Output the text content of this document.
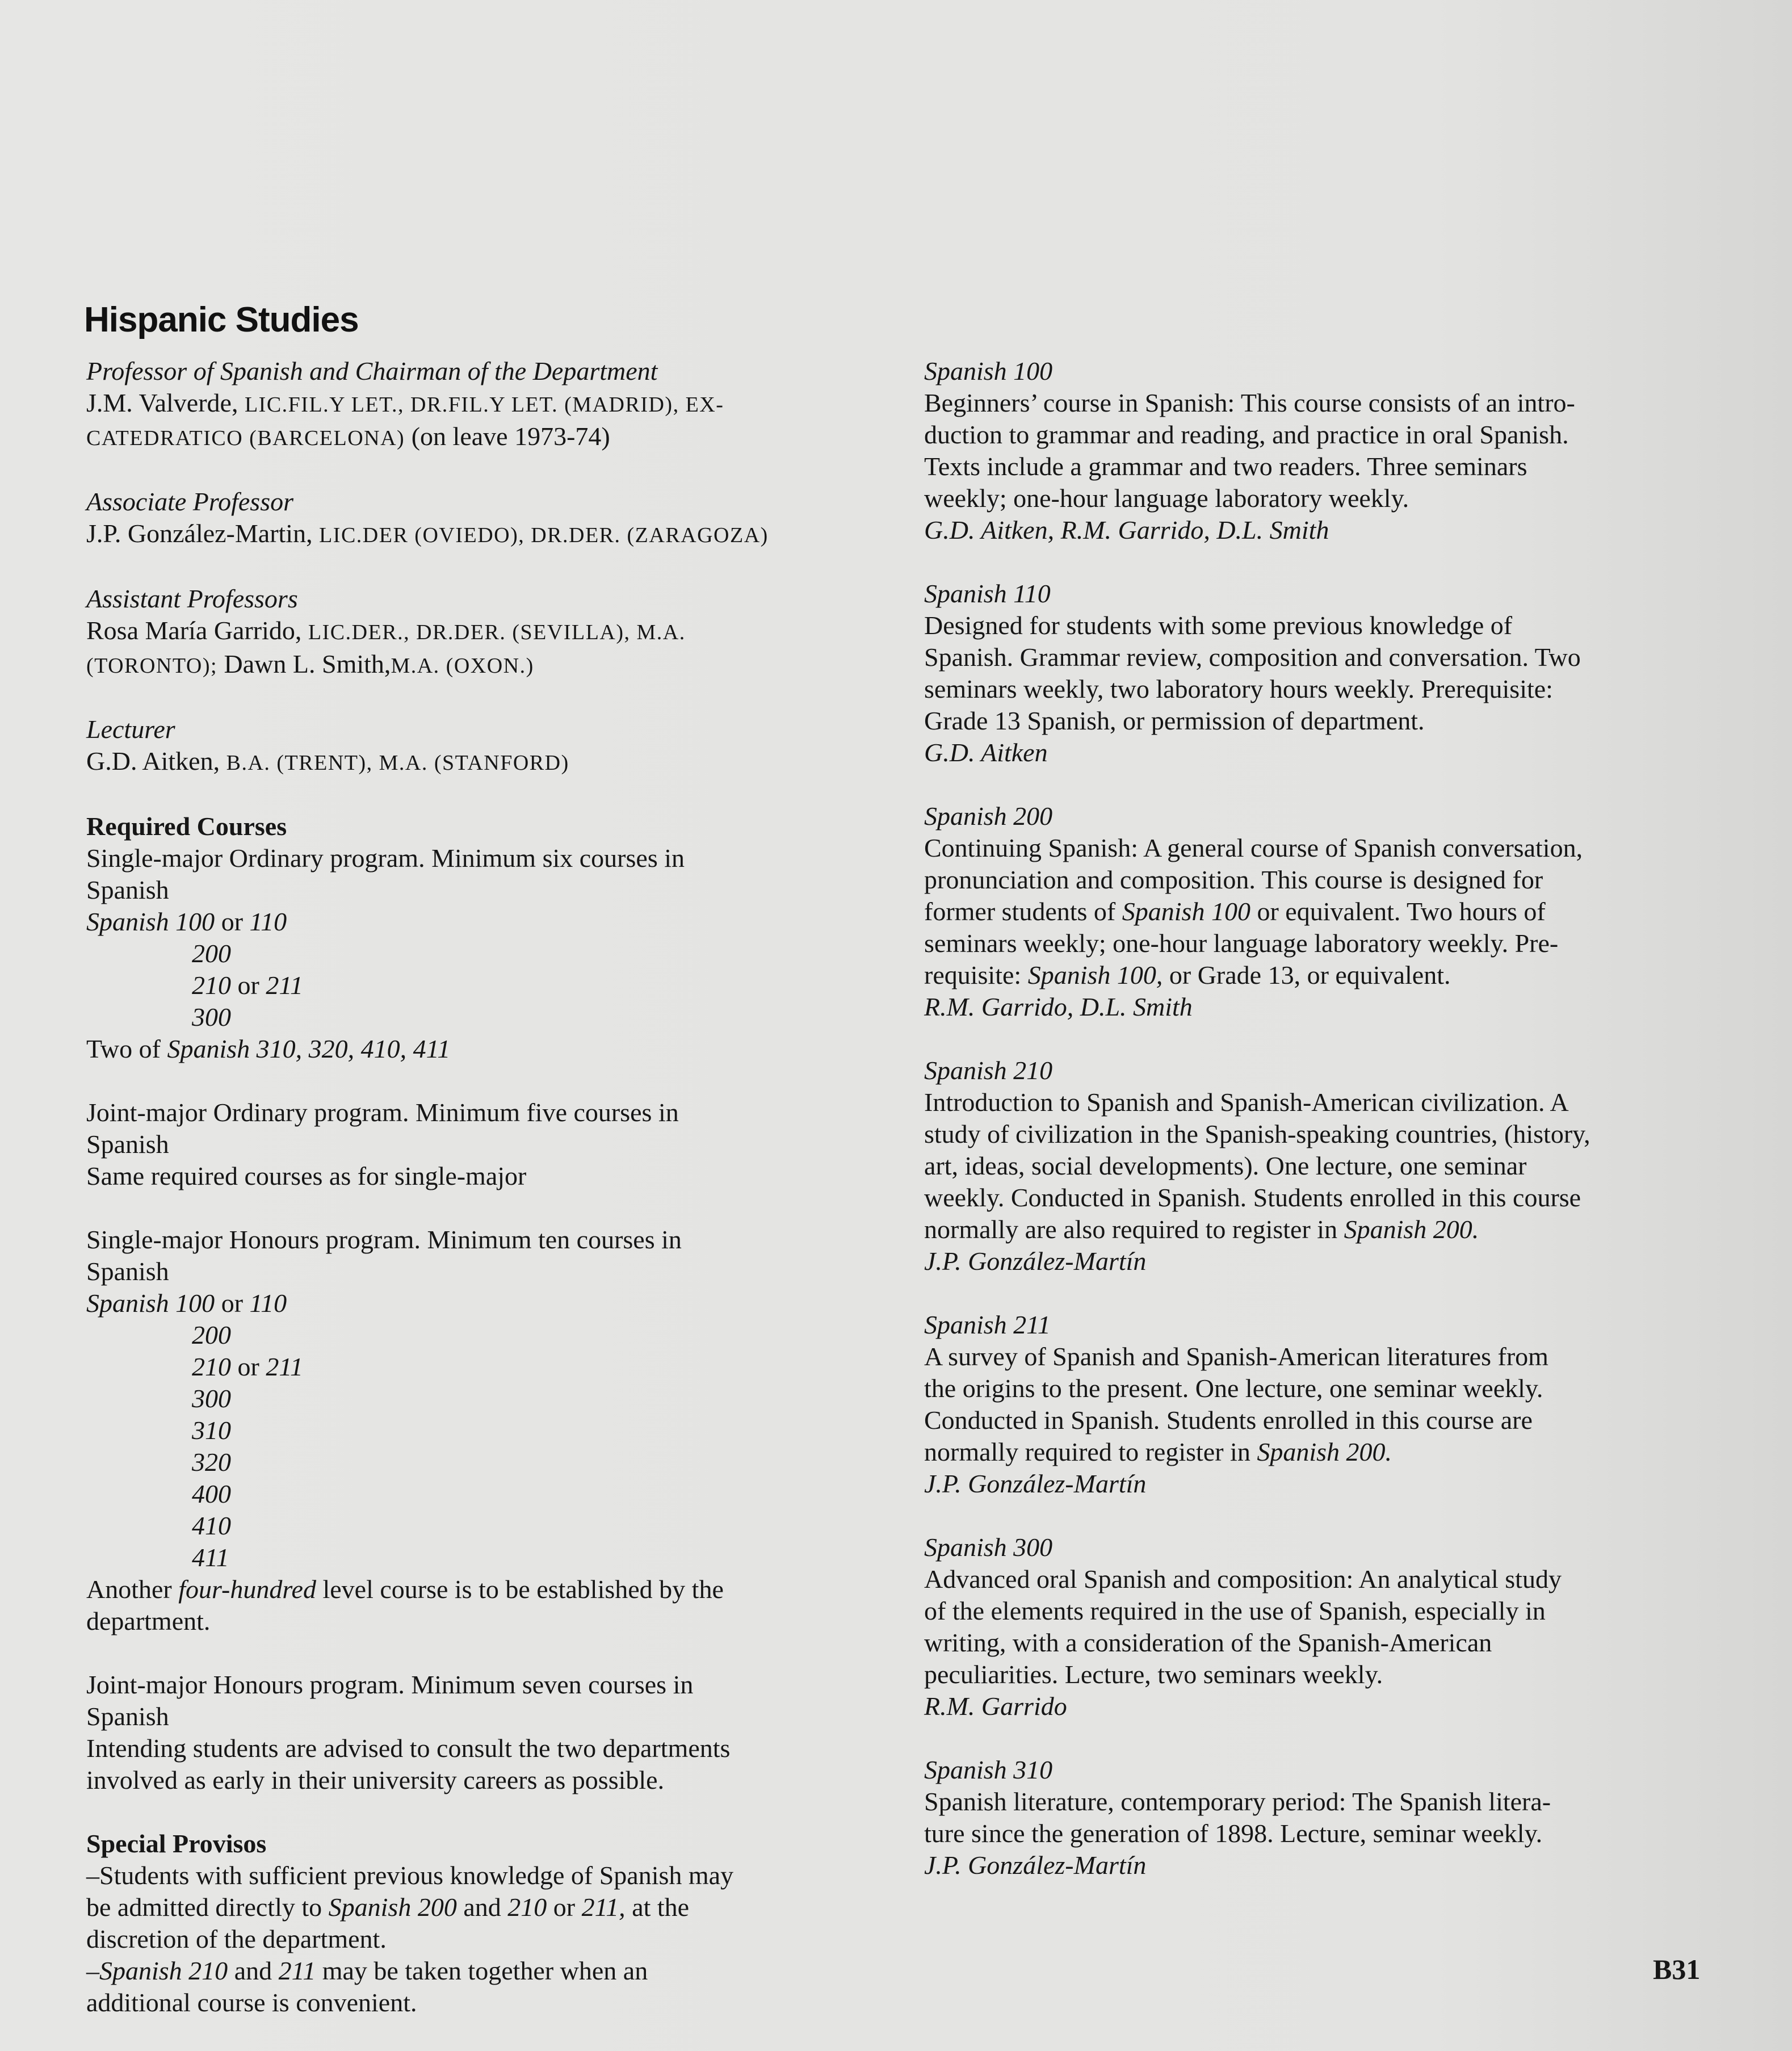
Hispanic Studies
Professor of Spanish and Chairman of the Department
J.M. Valverde, LIC.FIL.Y LET., DR.FIL.Y LET. (MADRID), EX-
CATEDRATICO (BARCELONA) (on leave 1973-74)
Associate Professor
J.P. González-Martin, LIC.DER (OVIEDO), DR.DER. (ZARAGOZA)
Assistant Professors
Rosa María Garrido, LIC.DER., DR.DER. (SEVILLA), M.A.
(TORONTO); Dawn L. Smith,M.A. (OXON.)
Lecturer
G.D. Aitken, B.A. (TRENT), M.A. (STANFORD)
Required Courses
Single-major Ordinary program. Minimum six courses in
Spanish
Spanish 100 or 110
200
210 or 211
300
Two of Spanish 310, 320, 410, 411
Joint-major Ordinary program. Minimum five courses in
Spanish
Same required courses as for single-major
Single-major Honours program. Minimum ten courses in
Spanish
Spanish 100 or 110
200
210 or 211
300
310
320
400
410
411
Another four-hundred level course is to be established by the
department.
Joint-major Honours program. Minimum seven courses in
Spanish
Intending students are advised to consult the two departments
involved as early in their university careers as possible.
Special Provisos
–Students with sufficient previous knowledge of Spanish may
be admitted directly to Spanish 200 and 210 or 211, at the
discretion of the department.
–Spanish 210 and 211 may be taken together when an
additional course is convenient.
Spanish 100
Beginners’ course in Spanish: This course consists of an intro-
duction to grammar and reading, and practice in oral Spanish.
Texts include a grammar and two readers. Three seminars
weekly; one-hour language laboratory weekly.
G.D. Aitken, R.M. Garrido, D.L. Smith
Spanish 110
Designed for students with some previous knowledge of
Spanish. Grammar review, composition and conversation. Two
seminars weekly, two laboratory hours weekly. Prerequisite:
Grade 13 Spanish, or permission of department.
G.D. Aitken
Spanish 200
Continuing Spanish: A general course of Spanish conversation,
pronunciation and composition. This course is designed for
former students of Spanish 100 or equivalent. Two hours of
seminars weekly; one-hour language laboratory weekly. Pre-
requisite: Spanish 100, or Grade 13, or equivalent.
R.M. Garrido, D.L. Smith
Spanish 210
Introduction to Spanish and Spanish-American civilization. A
study of civilization in the Spanish-speaking countries, (history,
art, ideas, social developments). One lecture, one seminar
weekly. Conducted in Spanish. Students enrolled in this course
normally are also required to register in Spanish 200.
J.P. González-Martín
Spanish 211
A survey of Spanish and Spanish-American literatures from
the origins to the present. One lecture, one seminar weekly.
Conducted in Spanish. Students enrolled in this course are
normally required to register in Spanish 200.
J.P. González-Martín
Spanish 300
Advanced oral Spanish and composition: An analytical study
of the elements required in the use of Spanish, especially in
writing, with a consideration of the Spanish-American
peculiarities. Lecture, two seminars weekly.
R.M. Garrido
Spanish 310
Spanish literature, contemporary period: The Spanish litera-
ture since the generation of 1898. Lecture, seminar weekly.
J.P. González-Martín
B31
